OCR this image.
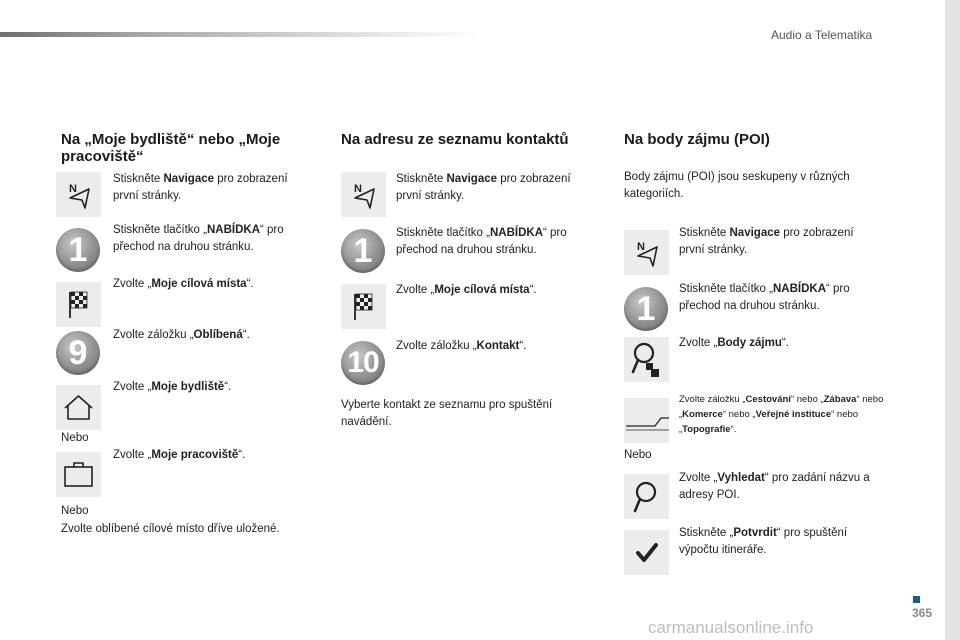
Audio a Telematika
Na „Moje bydliště“ nebo „Moje pracoviště“
N
Stiskněte Navigace pro zobrazení první stránky.
1
Stiskněte tlačítko „NABÍDKA“ pro přechod na druhou stránku.
Zvolte „Moje cílová místa“.
9	Zvolte záložku „Oblíbená“.
Zvolte „Moje bydliště“.
Nebo
Zvolte „Moje pracoviště“.
Nebo
Zvolte oblíbené cílové místo dříve uložené.
Na adresu ze seznamu kontaktů
N
Stiskněte Navigace pro zobrazení první stránky.
1	Stiskněte tlačítko „NABÍDKA“ pro přechod na druhou stránku.
Zvolte „Moje cílová místa“.
10	Zvolte záložku „Kontakt“.
Vyberte kontakt ze seznamu pro spuštění navádění.
Na body zájmu (POI)
Body zájmu (POI) jsou seskupeny v různých kategoriích.
N
Stiskněte Navigace pro zobrazení první stránky.
1
Stiskněte tlačítko „NABÍDKA“ pro přechod na druhou stránku.
Zvolte „Body zájmu“.
Zvolte záložku „Cestování“ nebo „Zábava“ nebo „Komerce“ nebo „Veřejné instituce“ nebo „Topografie“.
Nebo
Zvolte „Vyhledat“ pro zadání názvu a adresy POI.
Stiskněte „Potvrdit“ pro spuštění výpočtu itineráře.
365
carmanualsonline.info
